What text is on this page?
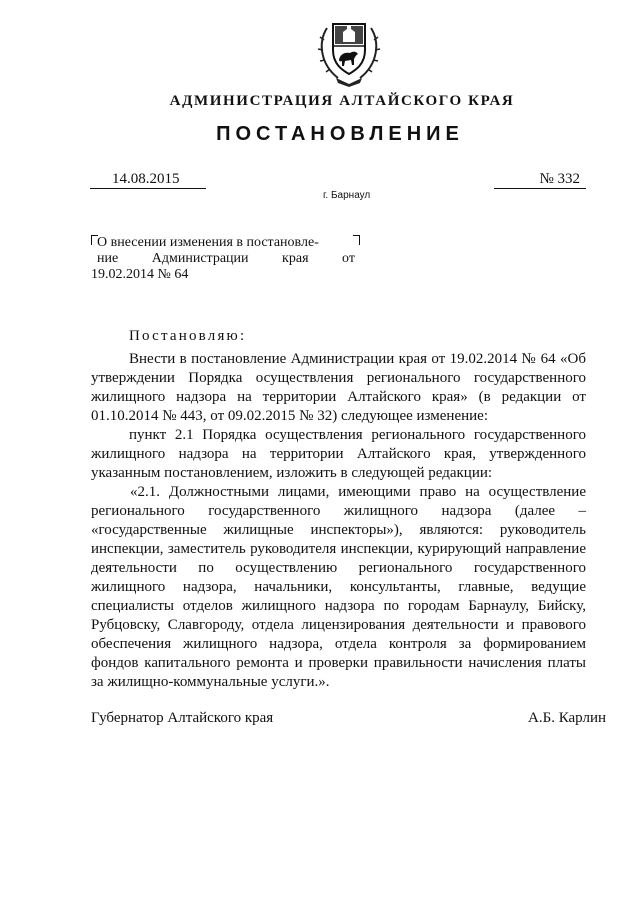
АДМИНИСТРАЦИЯ АЛТАЙСКОГО КРАЯ
ПОСТАНОВЛЕНИЕ
14.08.2015	№ 332
г. Барнаул
О внесении изменения в постановле-
ние Администрации края от
19.02.2014 № 64
Постановляю:

Внести в постановление Администрации края от 19.02.2014 № 64 «Об утверждении Порядка осуществления регионального государственного жилищного надзора на территории Алтайского края» (в редакции от 01.10.2014 № 443, от 09.02.2015 № 32) следующее изменение:

пункт 2.1 Порядка осуществления регионального государственного жилищного надзора на территории Алтайского края, утвержденного указанным постановлением, изложить в следующей редакции:

«2.1. Должностными лицами, имеющими право на осуществление регионального государственного жилищного надзора (далее – «государственные жилищные инспекторы»), являются: руководитель инспекции, заместитель руководителя инспекции, курирующий направление деятельности по осуществлению регионального государственного жилищного надзора, начальники, консультанты, главные, ведущие специалисты отделов жилищного надзора по городам Барнаулу, Бийску, Рубцовску, Славгороду, отдела лицензирования деятельности и правового обеспечения жилищного надзора, отдела контроля за формированием фондов капитального ремонта и проверки правильности начисления платы за жилищно-коммунальные услуги.».

Губернатор Алтайского края	А.Б. Карлин
